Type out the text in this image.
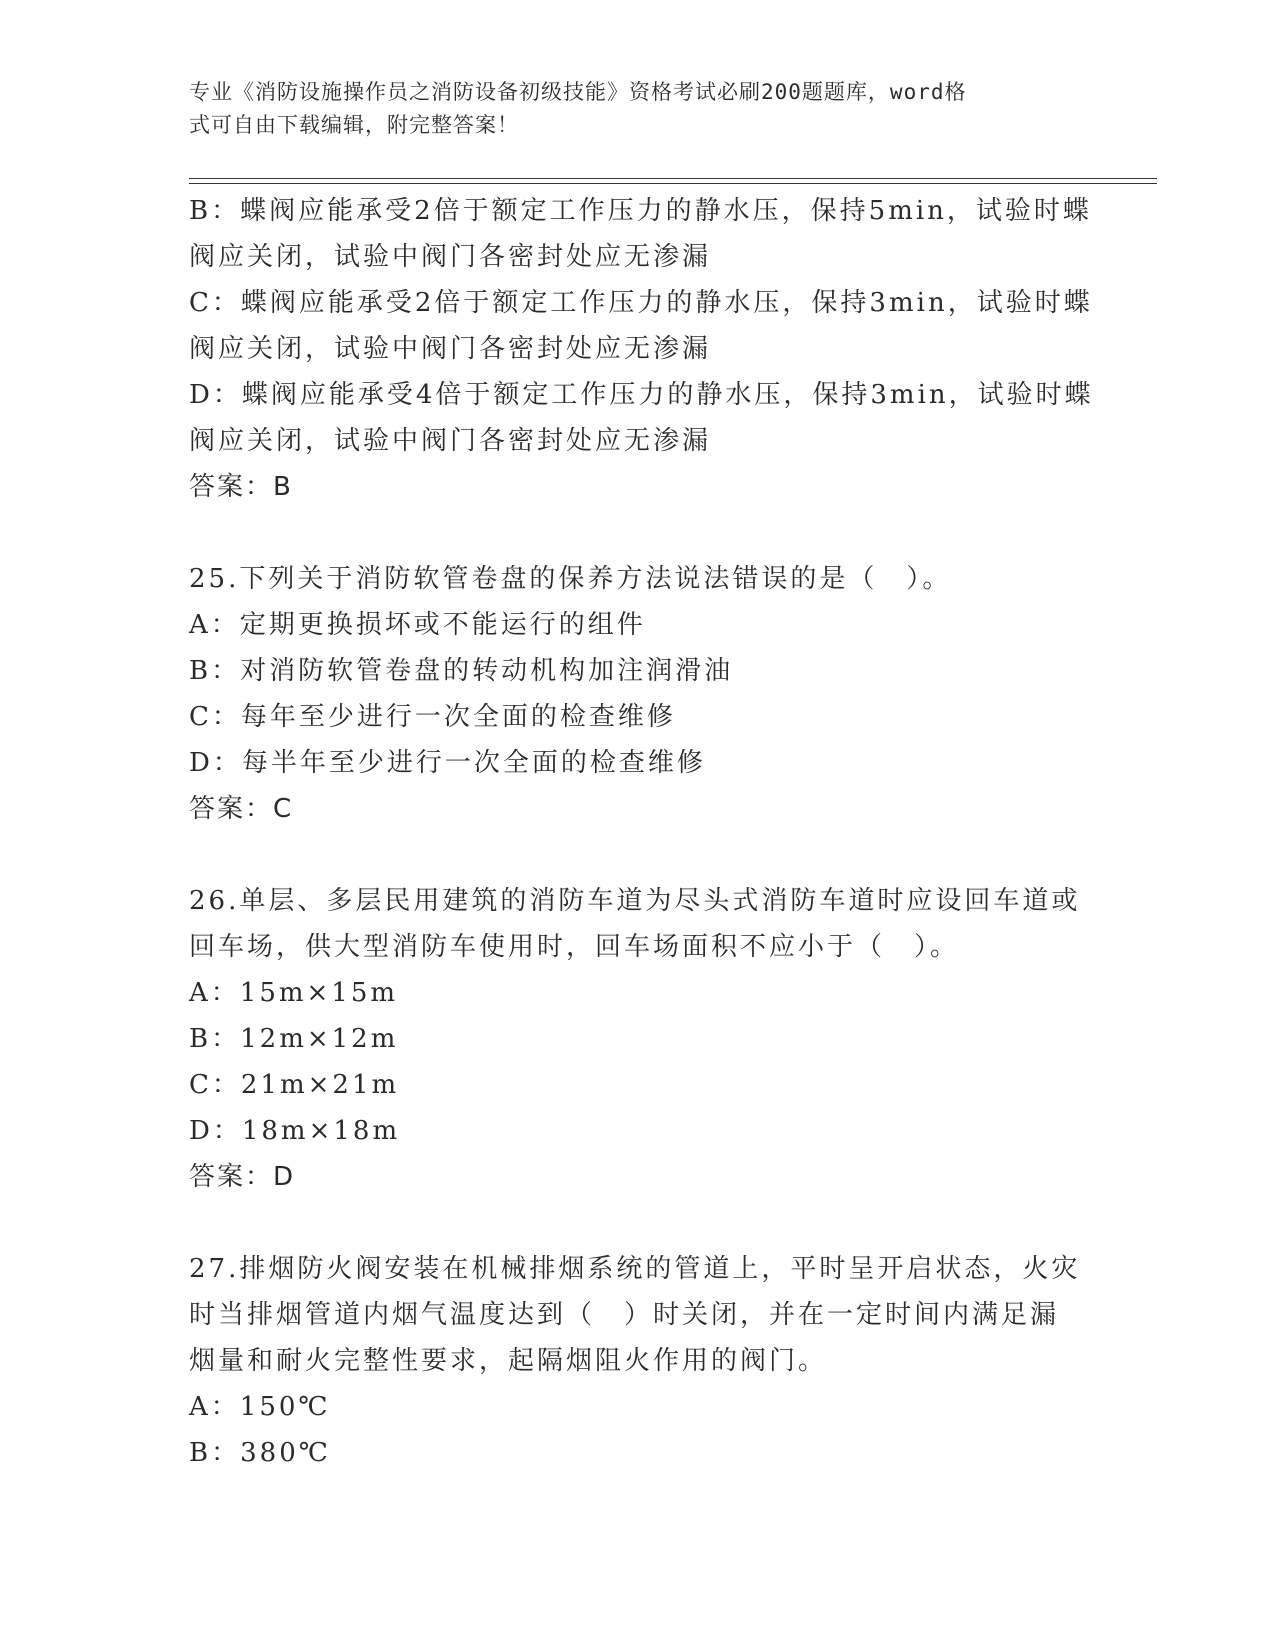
专业《消防设施操作员之消防设备初级技能》资格考试必刷200题题库，word格
式可自由下载编辑，附完整答案！
B：蝶阀应能承受2倍于额定工作压力的静水压，保持5min，试验时蝶
阀应关闭，试验中阀门各密封处应无渗漏
C：蝶阀应能承受2倍于额定工作压力的静水压，保持3min，试验时蝶
阀应关闭，试验中阀门各密封处应无渗漏
D：蝶阀应能承受4倍于额定工作压力的静水压，保持3min，试验时蝶
阀应关闭，试验中阀门各密封处应无渗漏
答案：B
25.下列关于消防软管卷盘的保养方法说法错误的是（　）。
A：定期更换损坏或不能运行的组件
B：对消防软管卷盘的转动机构加注润滑油
C：每年至少进行一次全面的检查维修
D：每半年至少进行一次全面的检查维修
答案：C
26.单层、多层民用建筑的消防车道为尽头式消防车道时应设回车道或
回车场，供大型消防车使用时，回车场面积不应小于（　）。
A：15m×15m
B：12m×12m
C：21m×21m
D：18m×18m
答案：D
27.排烟防火阀安装在机械排烟系统的管道上，平时呈开启状态，火灾
时当排烟管道内烟气温度达到（　）时关闭，并在一定时间内满足漏
烟量和耐火完整性要求，起隔烟阻火作用的阀门。
A：150℃
B：380℃
